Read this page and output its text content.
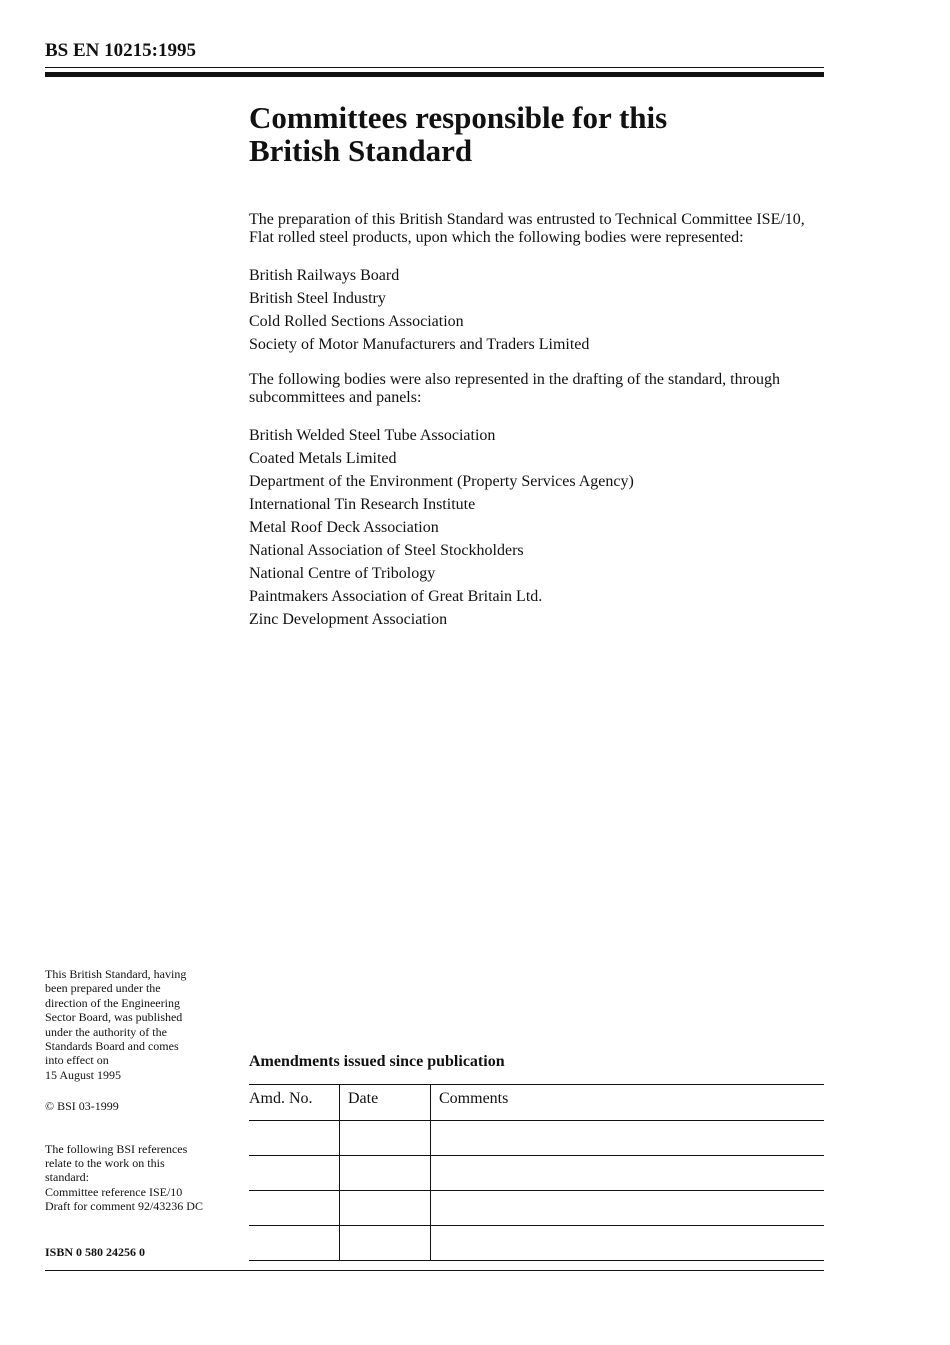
BS EN 10215:1995

Committees responsible for this
British Standard

The preparation of this British Standard was entrusted to Technical Committee ISE/10, Flat rolled steel products, upon which the following bodies were represented:

British Railways Board
British Steel Industry
Cold Rolled Sections Association
Society of Motor Manufacturers and Traders Limited

The following bodies were also represented in the drafting of the standard, through subcommittees and panels:

British Welded Steel Tube Association
Coated Metals Limited
Department of the Environment (Property Services Agency)
International Tin Research Institute
Metal Roof Deck Association
National Association of Steel Stockholders
National Centre of Tribology
Paintmakers Association of Great Britain Ltd.
Zinc Development Association

This British Standard, having
been prepared under the
direction of the Engineering
Sector Board, was published
under the authority of the
Standards Board and comes
into effect on
15 August 1995

© BSI 03-1999

The following BSI references
relate to the work on this
standard:
Committee reference ISE/10
Draft for comment 92/43236 DC

ISBN 0 580 24256 0

Amendments issued since publication
Amd. No.	Date	Comments
